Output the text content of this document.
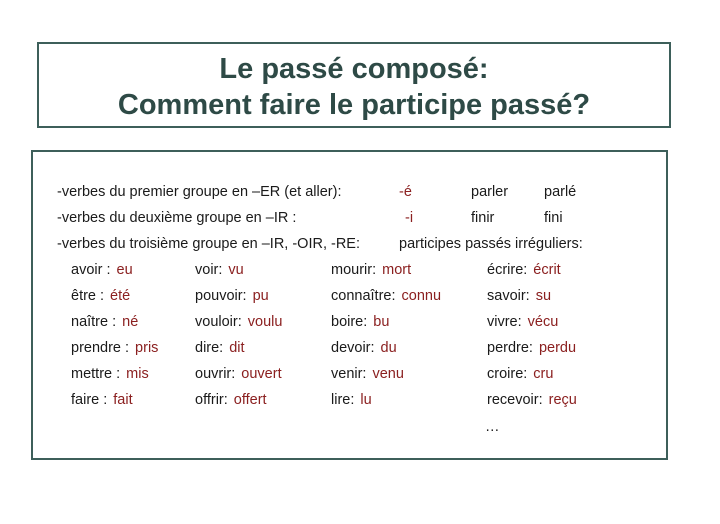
Le passé composé:
Comment faire le participe passé?
-verbes du premier groupe en –ER (et aller):	-é	parler parlé
-verbes du deuxième groupe en –IR :	-i	finir	fini
-verbes du troisième groupe en –IR, -OIR, -RE:	participes passés irréguliers:
avoir : eu	voir: vu	mourir: mort	écrire: écrit
être : été	pouvoir: pu	connaître: connu	savoir: su
naître : né	vouloir: voulu	boire: bu	vivre: vécu
prendre : pris	dire: dit	devoir: du	perdre: perdu
mettre : mis	ouvrir: ouvert	venir: venu	croire: cru
faire : fait	offrir: offert	lire: lu	recevoir: reçu
…
